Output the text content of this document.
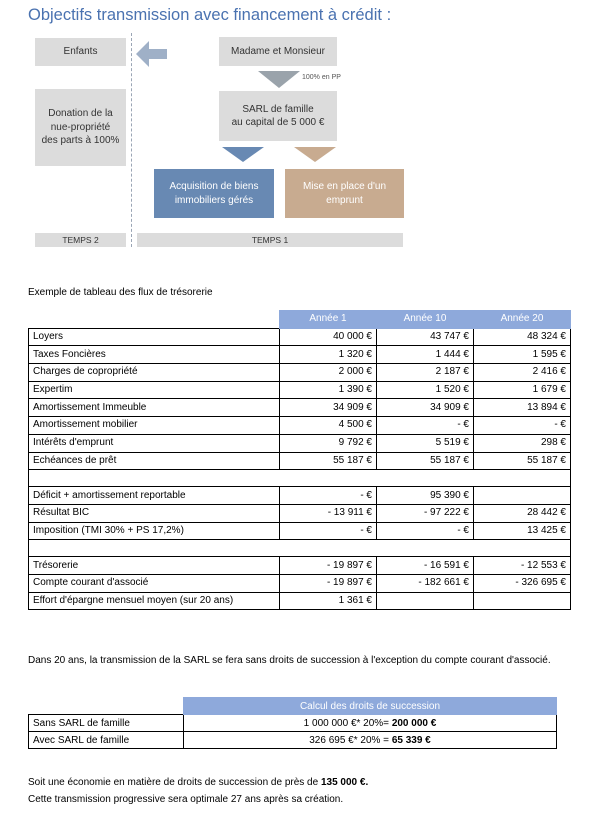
Objectifs transmission avec financement à crédit :
Enfants	Madame et Monsieur
100% en PP
Donation de la
nue-propriété
des parts à 100%
SARL de famille
au capital de 5 000 €
Acquisition de biens
immobiliers gérés
Mise en place d'un
emprunt
TEMPS 2	TEMPS 1
Exemple de tableau des flux de trésorerie
	Année 1	Année 10	Année 20
Loyers	40 000 €	43 747 €	48 324 €
Taxes Foncières	1 320 €	1 444 €	1 595 €
Charges de copropriété	2 000 €	2 187 €	2 416 €
Expertim	1 390 €	1 520 €	1 679 €
Amortissement Immeuble	34 909 €	34 909 €	13 894 €
Amortissement mobilier	4 500 €	- €	- €
Intérêts d'emprunt	9 792 €	5 519 €	298 €
Echéances de prêt	55 187 €	55 187 €	55 187 €

Déficit + amortissement reportable	- €	95 390 €	
Résultat BIC	- 13 911 €	- 97 222 €	28 442 €
Imposition (TMI 30% + PS 17,2%)	- €	- €	13 425 €

Trésorerie	- 19 897 €	- 16 591 €	- 12 553 €
Compte courant d'associé	- 19 897 €	- 182 661 €	- 326 695 €
Effort d'épargne mensuel moyen (sur 20 ans)	1 361 €		
Dans 20 ans, la transmission de la SARL se fera sans droits de succession à l'exception du compte courant d'associé.
	Calcul des droits de succession
Sans SARL de famille	1 000 000 €* 20%= 200 000 €
Avec SARL de famille	326 695 €* 20% = 65 339 €
Soit une économie en matière de droits de succession de près de 135 000 €.
Cette transmission progressive sera optimale 27 ans après sa création.
